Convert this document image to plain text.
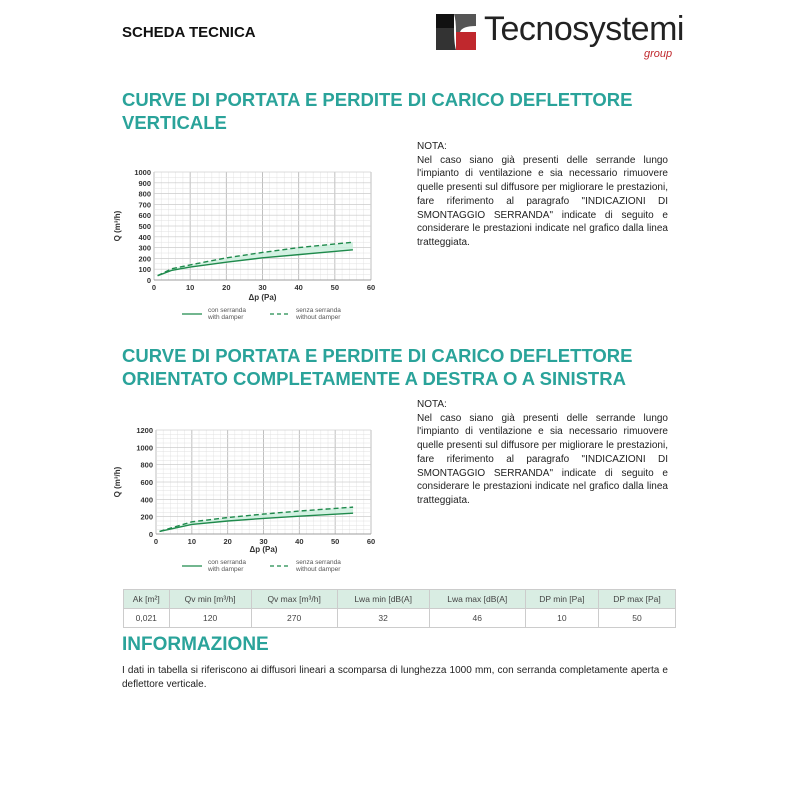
SCHEDA TECNICA	Tecnosystemi
group
CURVE DI PORTATA E PERDITE DI CARICO DEFLETTORE
VERTICALE

NOTA:

Nel caso siano già presenti delle serrande lungo l'impianto di ventilazione e sia necessario rimuovere quelle presenti sul diffusore per migliorare le prestazioni, fare riferimento al paragrafo "INDICAZIONI DI SMONTAGGIO SERRANDA" indicate di seguito e considerare le prestazioni indicate nel grafico dalla linea tratteggiata.

0
100
200
300
400
500
600
700
800
900
1000
0	10	20	30	40	50	60
Δp (Pa)
Q (m³/h)
con serranda
with damper
senza serranda
without damper
CURVE DI PORTATA E PERDITE DI CARICO DEFLETTORE
ORIENTATO COMPLETAMENTE A DESTRA O A SINISTRA

NOTA:

Nel caso siano già presenti delle serrande lungo l'impianto di ventilazione e sia necessario rimuovere quelle presenti sul diffusore per migliorare le prestazioni, fare riferimento al paragrafo "INDICAZIONI DI SMONTAGGIO SERRANDA" indicate di seguito e considerare le prestazioni indicate nel grafico dalla linea tratteggiata.

0
200
400
600
800
1000
1200
0	10	20	30	40	50	60
Δp (Pa)
Q (m³/h)
con serranda
with damper
senza serranda
without damper
Ak [m²]	Qv min [m³/h]	Qv max [m³/h]	Lwa min [dB(A]	Lwa max [dB(A]	DP min [Pa]	DP max [Pa]
0,021	120	270	32	46	10	50
INFORMAZIONE
I dati in tabella si riferiscono ai diffusori lineari a scomparsa di lunghezza 1000 mm, con serranda completamente aperta e deflettore verticale.
